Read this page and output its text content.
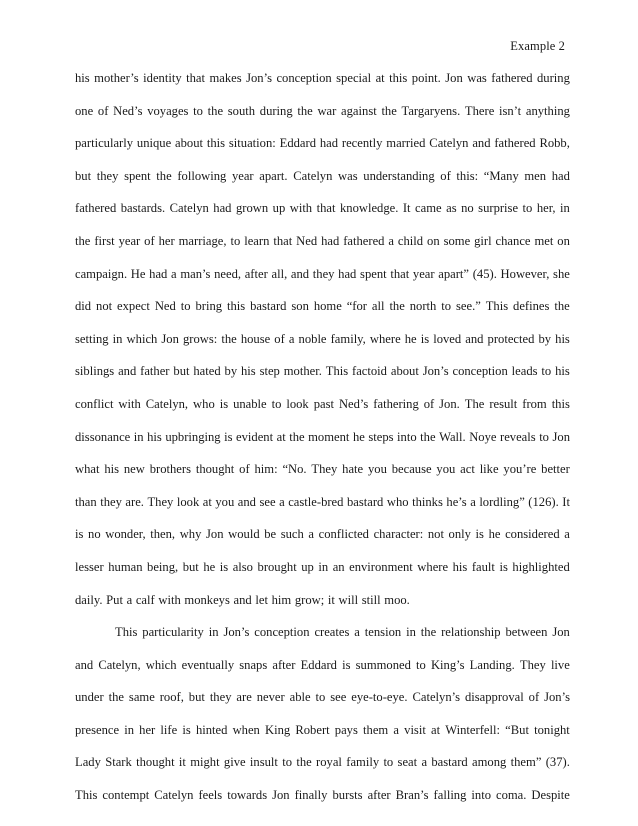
Example 2
his mother’s identity that makes Jon’s conception special at this point. Jon was fathered during
one of Ned’s voyages to the south during the war against the Targaryens. There isn’t anything
particularly unique about this situation: Eddard had recently married Catelyn and fathered Robb,
but they spent the following year apart. Catelyn was understanding of this: “Many men had
fathered bastards. Catelyn had grown up with that knowledge. It came as no surprise to her, in
the first year of her marriage, to learn that Ned had fathered a child on some girl chance met on
campaign. He had a man’s need, after all, and they had spent that year apart” (45). However, she
did not expect Ned to bring this bastard son home “for all the north to see.” This defines the
setting in which Jon grows: the house of a noble family, where he is loved and protected by his
siblings and father but hated by his step mother. This factoid about Jon’s conception leads to his
conflict with Catelyn, who is unable to look past Ned’s fathering of Jon. The result from this
dissonance in his upbringing is evident at the moment he steps into the Wall. Noye reveals to Jon
what his new brothers thought of him: “No. They hate you because you act like you’re better
than they are. They look at you and see a castle-bred bastard who thinks he’s a lordling” (126). It
is no wonder, then, why Jon would be such a conflicted character: not only is he considered a
lesser human being, but he is also brought up in an environment where his fault is highlighted
daily. Put a calf with monkeys and let him grow; it will still moo.
This particularity in Jon’s conception creates a tension in the relationship between Jon
and Catelyn, which eventually snaps after Eddard is summoned to King’s Landing. They live
under the same roof, but they are never able to see eye-to-eye. Catelyn’s disapproval of Jon’s
presence in her life is hinted when King Robert pays them a visit at Winterfell: “But tonight
Lady Stark thought it might give insult to the royal family to seat a bastard among them” (37).
This contempt Catelyn feels towards Jon finally bursts after Bran’s falling into coma. Despite
